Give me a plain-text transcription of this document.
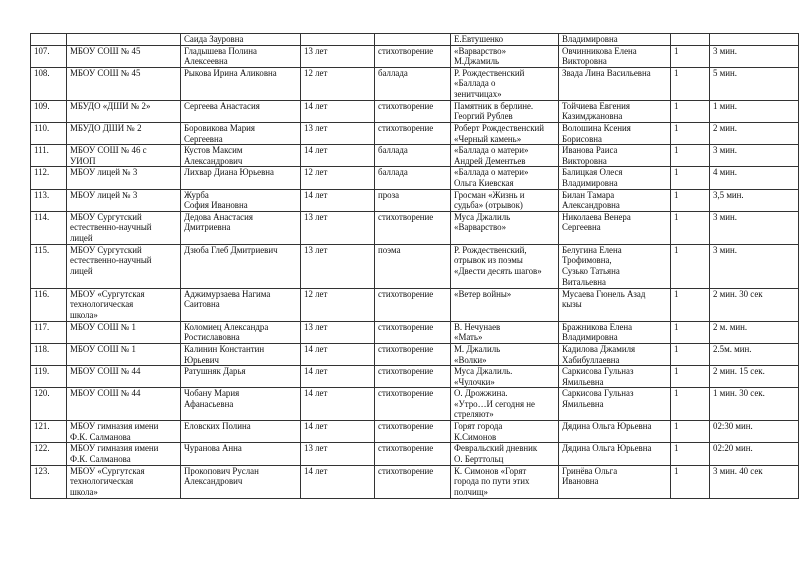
		Саида Зауровна			Е.Евтушенко	Владимировна		
107.	МБОУ СОШ № 45	Гладышева Полина
Алексеевна	13 лет	стихотворение	«Варварство»
М.Джамиль	Овчинникова Елена
Викторовна	1	3 мин.
108.	МБОУ СОШ № 45	Рыкова Ирина Аликовна	12 лет	баллада	Р. Рождественский
«Баллада о
зенитчицах»	Звада Лина Васильевна	1	5 мин.
109.	МБУДО «ДШИ № 2»	Сергеева Анастасия	14 лет	стихотворение	Памятник в берлине.
Георгий Рублев	Тойчиева Евгения
Казимджановна	1	1 мин.
110.	МБУДО ДШИ № 2	Боровикова Мария
Сергеевна	13 лет	стихотворение	Роберт Рождественский
«Черный камень»	Волошина Ксения
Борисовна	1	2 мин.
111.	МБОУ СОШ № 46 с
УИОП	Кустов Максим
Александрович	14 лет	баллада	«Баллада о матери»
Андрей Дементьев	Иванова Раиса
Викторовна	1	3 мин.
112.	МБОУ лицей № 3	Лихвар Диана Юрьевна	12 лет	баллада	«Баллада о матери»
Ольга Киевская	Балицкая Олеся
Владимировна	1	4 мин.
113.	МБОУ лицей № 3	Журба
София Ивановна	14 лет	проза	Гросман «Жизнь и
судьба» (отрывок)	Билан Тамара
Александровна	1	3,5 мин.
114.	МБОУ Сургутский
естественно-научный
лицей	Дедова Анастасия
Дмитриевна	13 лет	стихотворение	Муса Джалиль
«Варварство»	Николаева Венера
Сергеевна	1	3 мин.
115.	МБОУ Сургутский
естественно-научный
лицей	Дзюба Глеб Дмитриевич	13 лет	поэма	Р. Рождественский,
отрывок из поэмы
«Двести десять шагов»	Белугина Елена
Трофимовна,
Сузько Татьяна
Витальевна	1	3 мин.
116.	МБОУ «Сургутская
технологическая
школа»	Аджимурзаева Нагима
Саитовна	12 лет	стихотворение	«Ветер войны»	Мусаева Гюнель Азад
кызы	1	2 мин. 30 сек
117.	МБОУ СОШ № 1	Коломиец Александра
Ростиславовна	13 лет	стихотворение	В. Нечунаев
«Мать»	Бражникова Елена
Владимировна	1	2 м. мин.
118.	МБОУ СОШ № 1	Калинин Константин
Юрьевич	14 лет	стихотворение	М. Джалиль
«Волки»	Кадилова Джамиля
Хабибуллаевна	1	2.5м. мин.
119.	МБОУ СОШ № 44	Ратушняк Дарья	14 лет	стихотворение	Муса Джалиль.
«Чулочки»	Саркисова Гульназ
Ямильевна	1	2 мин. 15 сек.
120.	МБОУ СОШ № 44	Чобану Мария
Афанасьевна	14 лет	стихотворение	О. Дрожжина.
«Утро…И сегодня не
стреляют»	Саркисова Гульназ
Ямильевна	1	1 мин. 30 сек.
121.	МБОУ гимназия имени
Ф.К. Салманова	Еловских Полина	14 лет	стихотворение	Горят города
К.Симонов	Дядина Ольга Юрьевна	1	02:30 мин.
122.	МБОУ гимназия имени
Ф.К. Салманова	Чуранова Анна	13 лет	стихотворение	Февральский дневник
О. Берттольц	Дядина Ольга Юрьевна	1	02:20 мин.
123.	МБОУ «Сургутская
технологическая
школа»	Прокопович Руслан
Александрович	14 лет	стихотворение	К. Симонов «Горят
города по пути этих
полчищ»	Гринёва Ольга
Ивановна	1	3 мин. 40 сек
